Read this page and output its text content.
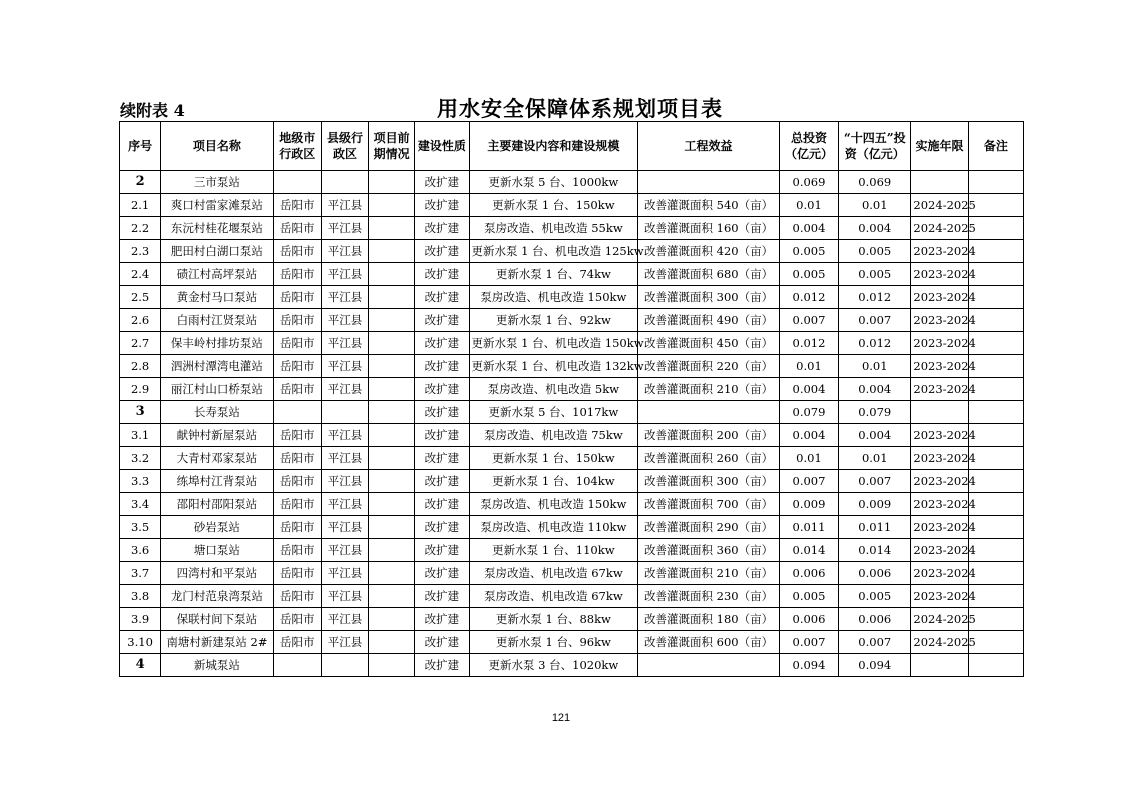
续附表 4	用水安全保障体系规划项目表
序号	项目名称	地级市行政区	县级行政区	项目前期情况	建设性质	主要建设内容和建设规模	工程效益	总投资（亿元）	“十四五”投资（亿元）	实施年限	备注
2	三市泵站				改扩建	更新水泵 5 台、1000kw		0.069	0.069		
2.1	爽口村雷家滩泵站	岳阳市	平江县		改扩建	更新水泵 1 台、150kw	改善灌溉面积 540（亩）	0.01	0.01	2024-2025	
2.2	东沅村桂花堰泵站	岳阳市	平江县		改扩建	泵房改造、机电改造 55kw	改善灌溉面积 160（亩）	0.004	0.004	2024-2025	
2.3	肥田村白湖口泵站	岳阳市	平江县		改扩建	更新水泵 1 台、机电改造 125kw	改善灌溉面积 420（亩）	0.005	0.005	2023-2024	
2.4	碛江村高坪泵站	岳阳市	平江县		改扩建	更新水泵 1 台、74kw	改善灌溉面积 680（亩）	0.005	0.005	2023-2024	
2.5	黄金村马口泵站	岳阳市	平江县		改扩建	泵房改造、机电改造 150kw	改善灌溉面积 300（亩）	0.012	0.012	2023-2024	
2.6	白雨村江贤泵站	岳阳市	平江县		改扩建	更新水泵 1 台、92kw	改善灌溉面积 490（亩）	0.007	0.007	2023-2024	
2.7	保丰岭村排坊泵站	岳阳市	平江县		改扩建	更新水泵 1 台、机电改造 150kw	改善灌溉面积 450（亩）	0.012	0.012	2023-2024	
2.8	泗洲村潭湾电灌站	岳阳市	平江县		改扩建	更新水泵 1 台、机电改造 132kw	改善灌溉面积 220（亩）	0.01	0.01	2023-2024	
2.9	丽江村山口桥泵站	岳阳市	平江县		改扩建	泵房改造、机电改造 5kw	改善灌溉面积 210（亩）	0.004	0.004	2023-2024	
3	长寿泵站				改扩建	更新水泵 5 台、1017kw		0.079	0.079		
3.1	献钟村新屋泵站	岳阳市	平江县		改扩建	泵房改造、机电改造 75kw	改善灌溉面积 200（亩）	0.004	0.004	2023-2024	
3.2	大青村邓家泵站	岳阳市	平江县		改扩建	更新水泵 1 台、150kw	改善灌溉面积 260（亩）	0.01	0.01	2023-2024	
3.3	练埠村江背泵站	岳阳市	平江县		改扩建	更新水泵 1 台、104kw	改善灌溉面积 300（亩）	0.007	0.007	2023-2024	
3.4	邵阳村邵阳泵站	岳阳市	平江县		改扩建	泵房改造、机电改造 150kw	改善灌溉面积 700（亩）	0.009	0.009	2023-2024	
3.5	砂岩泵站	岳阳市	平江县		改扩建	泵房改造、机电改造 110kw	改善灌溉面积 290（亩）	0.011	0.011	2023-2024	
3.6	塘口泵站	岳阳市	平江县		改扩建	更新水泵 1 台、110kw	改善灌溉面积 360（亩）	0.014	0.014	2023-2024	
3.7	四湾村和平泵站	岳阳市	平江县		改扩建	泵房改造、机电改造 67kw	改善灌溉面积 210（亩）	0.006	0.006	2023-2024	
3.8	龙门村范泉湾泵站	岳阳市	平江县		改扩建	泵房改造、机电改造 67kw	改善灌溉面积 230（亩）	0.005	0.005	2023-2024	
3.9	保联村间下泵站	岳阳市	平江县		改扩建	更新水泵 1 台、88kw	改善灌溉面积 180（亩）	0.006	0.006	2024-2025	
3.10	南塘村新建泵站 2#	岳阳市	平江县		改扩建	更新水泵 1 台、96kw	改善灌溉面积 600（亩）	0.007	0.007	2024-2025	
4	新城泵站				改扩建	更新水泵 3 台、1020kw		0.094	0.094		
121
